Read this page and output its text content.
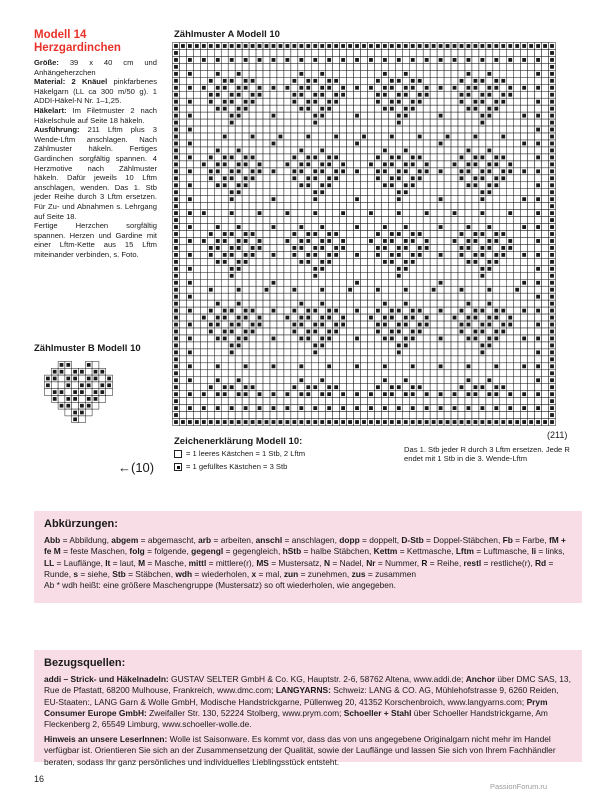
Modell 14
Herzgardinchen
Größe: 39 x 40 cm und Anhängeherzchen
Material: 2 Knäuel pinkfarbenes Häkelgarn (LL ca 300 m/50 g). 1 ADDI-Häkel-N Nr. 1–1,25.
Häkelart: Im Filetmuster 2 nach Häkelschule auf Seite 18 häkeln.
Ausführung: 211 Lftm plus 3 Wende-Lftm anschlagen. Nach Zählmuster häkeln. Fertiges Gardinchen sorgfältig spannen. 4 Herzmotive nach Zählmuster häkeln. Dafür jeweils 10 Lftm anschlagen, wenden. Das 1. Stb jeder Reihe durch 3 Lftm ersetzen. Für Zu- und Abnahmen s. Lehrgang auf Seite 18.
Fertige Herzchen sorgfältig spannen. Herzen und Gardine mit einer Lftm-Kette aus 15 Lftm miteinander verbinden, s. Foto.
Zählmuster A Modell 10
(211)
Zählmuster B Modell 10
←(10)
Zeichenerklärung Modell 10:
= 1 leeres Kästchen = 1 Stb, 2 Lftm
= 1 gefülltes Kästchen = 3 Stb
Das 1. Stb jeder R durch 3 Lftm ersetzen. Jede R endet mit 1 Stb in die 3. Wende-Lftm
Abkürzungen:
Abb = Abbildung, abgem = abgemascht, arb = arbeiten, anschl = anschlagen, dopp = doppelt, D-Stb = Doppel-Stäbchen, Fb = Farbe, fM + fe M = feste Maschen, folg = folgende, gegengl = gegengleich, hStb = halbe Stäbchen, Kettm = Kettmasche, Lftm = Luftmasche, li = links, LL = Lauflänge, It = laut, M = Masche, mittl = mittlere(r), MS = Mustersatz, N = Nadel, Nr = Nummer, R = Reihe, restl = restliche(r), Rd = Runde, s = siehe, Stb = Stäbchen, wdh = wiederholen, x = mal, zun = zunehmen, zus = zusammen
Ab * wdh heißt: eine größere Maschengruppe (Mustersatz) so oft wiederholen, wie angegeben.
Bezugsquellen:

addi – Strick- und Häkelnadeln: GUSTAV SELTER GmbH & Co. KG, Hauptstr. 2-6, 58762 Altena, www.addi.de; Anchor über DMC SAS, 13, Rue de Pfastatt, 68200 Mulhouse, Frankreich, www.dmc.com; LANGYARNS: Schweiz: LANG & CO. AG, Mühlehofstrasse 9, 6260 Reiden, EU-Staaten:, LANG Garn & Wolle GmbH, Modische Handstrickgarne, Püllenweg 20, 41352 Korschenbroich, www.langyarns.com; Prym Consumer Europe GmbH: Zweifaller Str. 130, 52224 Stolberg, www.prym.com; Schoeller + Stahl über Schoeller Handstrickgarne, Am Fleckenberg 2, 65549 Limburg, www.schoeller-wolle.de.

Hinweis an unsere LeserInnen: Wolle ist Saisonware. Es kommt vor, dass das von uns angegebene Originalgarn nicht mehr im Handel verfügbar ist. Orientieren Sie sich an der Zusammensetzung der Qualität, sowie der Lauflänge und lassen Sie sich von Ihrem Fachhändler beraten, sodass Ihr ganz persönliches und individuelles Lieblingsstück entsteht.

16
PassionForum.ru
